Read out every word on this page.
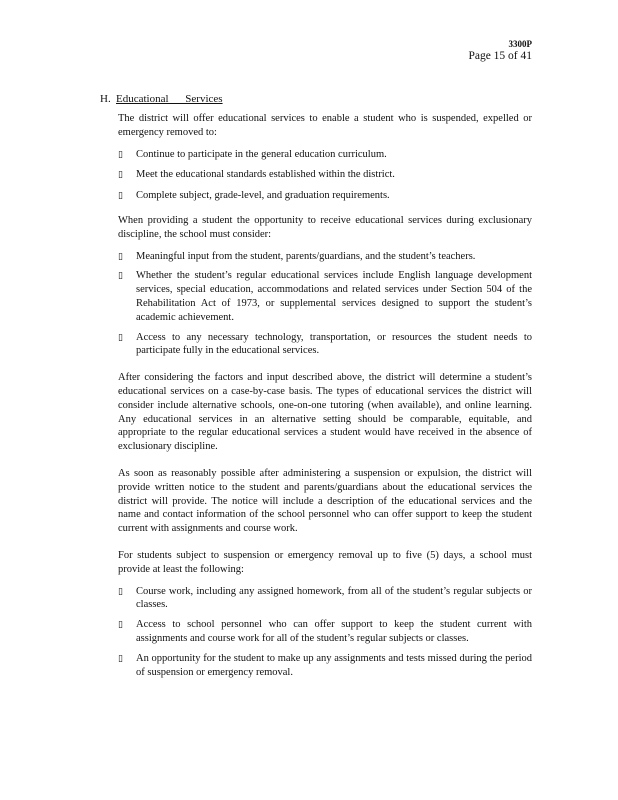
3300P
Page 15 of 41
H. Educational Services

The district will offer educational services to enable a student who is suspended, expelled or emergency removed to:

▯ Continue to participate in the general education curriculum.
▯ Meet the educational standards established within the district.
▯ Complete subject, grade-level, and graduation requirements.

When providing a student the opportunity to receive educational services during exclusionary discipline, the school must consider:

▯ Meaningful input from the student, parents/guardians, and the student’s teachers.
▯ Whether the student’s regular educational services include English language development services, special education, accommodations and related services under Section 504 of the Rehabilitation Act of 1973, or supplemental services designed to support the student’s academic achievement.
▯ Access to any necessary technology, transportation, or resources the student needs to participate fully in the educational services.

After considering the factors and input described above, the district will determine a student’s educational services on a case-by-case basis. The types of educational services the district will consider include alternative schools, one-on-one tutoring (when available), and online learning. Any educational services in an alternative setting should be comparable, equitable, and appropriate to the regular educational services a student would have received in the absence of exclusionary discipline.

As soon as reasonably possible after administering a suspension or expulsion, the district will provide written notice to the student and parents/guardians about the educational services the district will provide. The notice will include a description of the educational services and the name and contact information of the school personnel who can offer support to keep the student current with assignments and course work.

For students subject to suspension or emergency removal up to five (5) days, a school must provide at least the following:

▯ Course work, including any assigned homework, from all of the student’s regular subjects or classes.
▯ Access to school personnel who can offer support to keep the student current with assignments and course work for all of the student’s regular subjects or classes.
▯ An opportunity for the student to make up any assignments and tests missed during the period of suspension or emergency removal.
